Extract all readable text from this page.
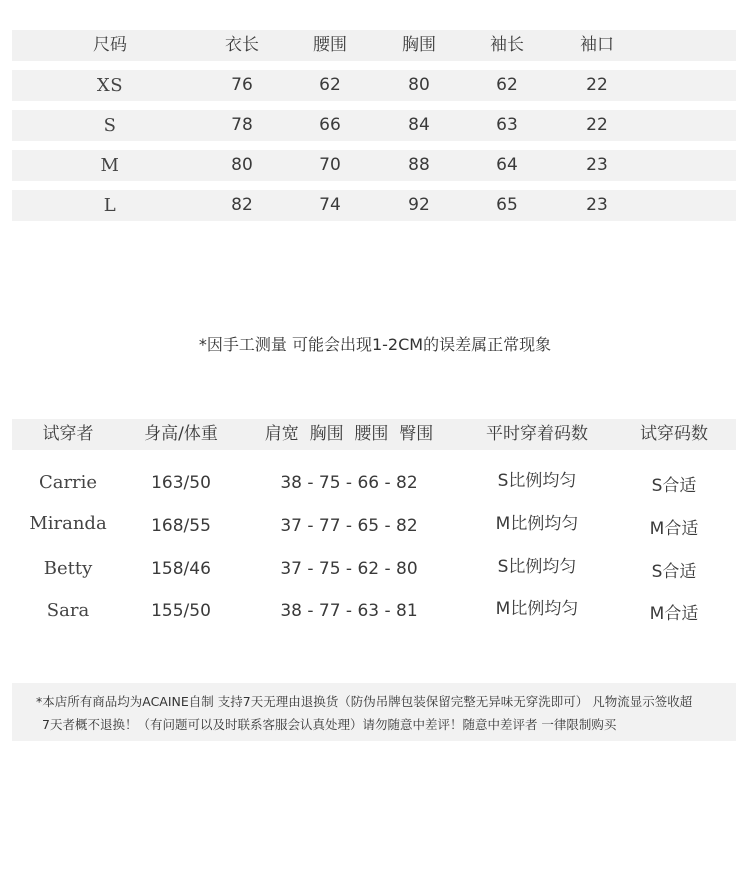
尺码	衣长	腰围	胸围	袖长	袖口
XS	76	62	80	62	22
S	78	66	84	63	22
M	80	70	88	64	23
L	82	74	92	65	23
*因手工测量 可能会出现1-2CM的误差属正常现象
试穿者	身高/体重	肩宽  胸围  腰围  臀围	平时穿着码数	试穿码数
Carrie	163/50	38 - 75 - 66 - 82	S比例均匀	S合适
Miranda	168/55	37 - 77 - 65 - 82	M比例均匀	M合适
Betty	158/46	37 - 75 - 62 - 80	S比例均匀	S合适
Sara	155/50	38 - 77 - 63 - 81	M比例均匀	M合适

*本店所有商品均为ACAINE自制 支持7天无理由退换货（防伪吊牌包装保留完整无异味无穿洗即可） 凡物流显示签收超

7天者概不退换！（有问题可以及时联系客服会认真处理）请勿随意中差评！随意中差评者 一律限制购买
